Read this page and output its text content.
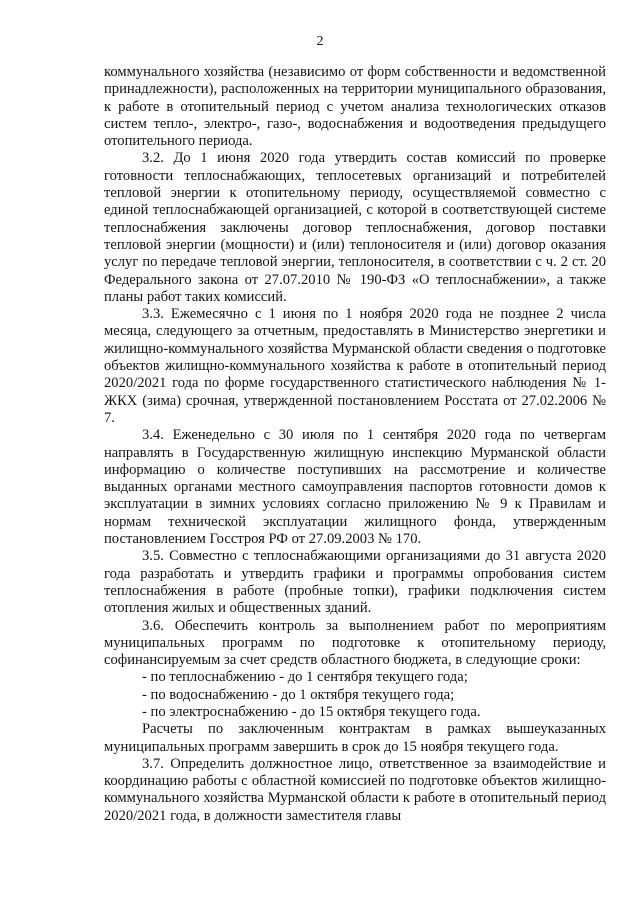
2

коммунального хозяйства (независимо от форм собственности и ведомственной принадлежности), расположенных на территории муниципального образования, к работе в отопительный период с учетом анализа технологических отказов систем тепло-, электро-, газо-, водоснабжения и водоотведения предыдущего отопительного периода.

3.2. До 1 июня 2020 года утвердить состав комиссий по проверке готовности теплоснабжающих, теплосетевых организаций и потребителей тепловой энергии к отопительному периоду, осуществляемой совместно с единой теплоснабжающей организацией, с которой в соответствующей системе теплоснабжения заключены договор теплоснабжения, договор поставки тепловой энергии (мощности) и (или) теплоносителя и (или) договор оказания услуг по передаче тепловой энергии, теплоносителя, в соответствии с ч. 2 ст. 20 Федерального закона от 27.07.2010 № 190-ФЗ «О теплоснабжении», а также планы работ таких комиссий.

3.3. Ежемесячно с 1 июня по 1 ноября 2020 года не позднее 2 числа месяца, следующего за отчетным, предоставлять в Министерство энергетики и жилищно-коммунального хозяйства Мурманской области сведения о подготовке объектов жилищно-коммунального хозяйства к работе в отопительный период 2020/2021 года по форме государственного статистического наблюдения № 1-ЖКХ (зима) срочная, утвержденной постановлением Росстата от 27.02.2006 № 7.

3.4. Еженедельно с 30 июля по 1 сентября 2020 года по четвергам направлять в Государственную жилищную инспекцию Мурманской области информацию о количестве поступивших на рассмотрение и количестве выданных органами местного самоуправления паспортов готовности домов к эксплуатации в зимних условиях согласно приложению № 9 к Правилам и нормам технической эксплуатации жилищного фонда, утвержденным постановлением Госстроя РФ от 27.09.2003 № 170.

3.5. Совместно с теплоснабжающими организациями до 31 августа 2020 года разработать и утвердить графики и программы опробования систем теплоснабжения в работе (пробные топки), графики подключения систем отопления жилых и общественных зданий.

3.6. Обеспечить контроль за выполнением работ по мероприятиям муниципальных программ по подготовке к отопительному периоду, софинансируемым за счет средств областного бюджета, в следующие сроки:

- по теплоснабжению - до 1 сентября текущего года;

- по водоснабжению - до 1 октября текущего года;

- по электроснабжению - до 15 октября текущего года.

Расчеты по заключенным контрактам в рамках вышеуказанных муниципальных программ завершить в срок до 15 ноября текущего года.

3.7. Определить должностное лицо, ответственное за взаимодействие и координацию работы с областной комиссией по подготовке объектов жилищно-коммунального хозяйства Мурманской области к работе в отопительный период 2020/2021 года, в должности заместителя главы
